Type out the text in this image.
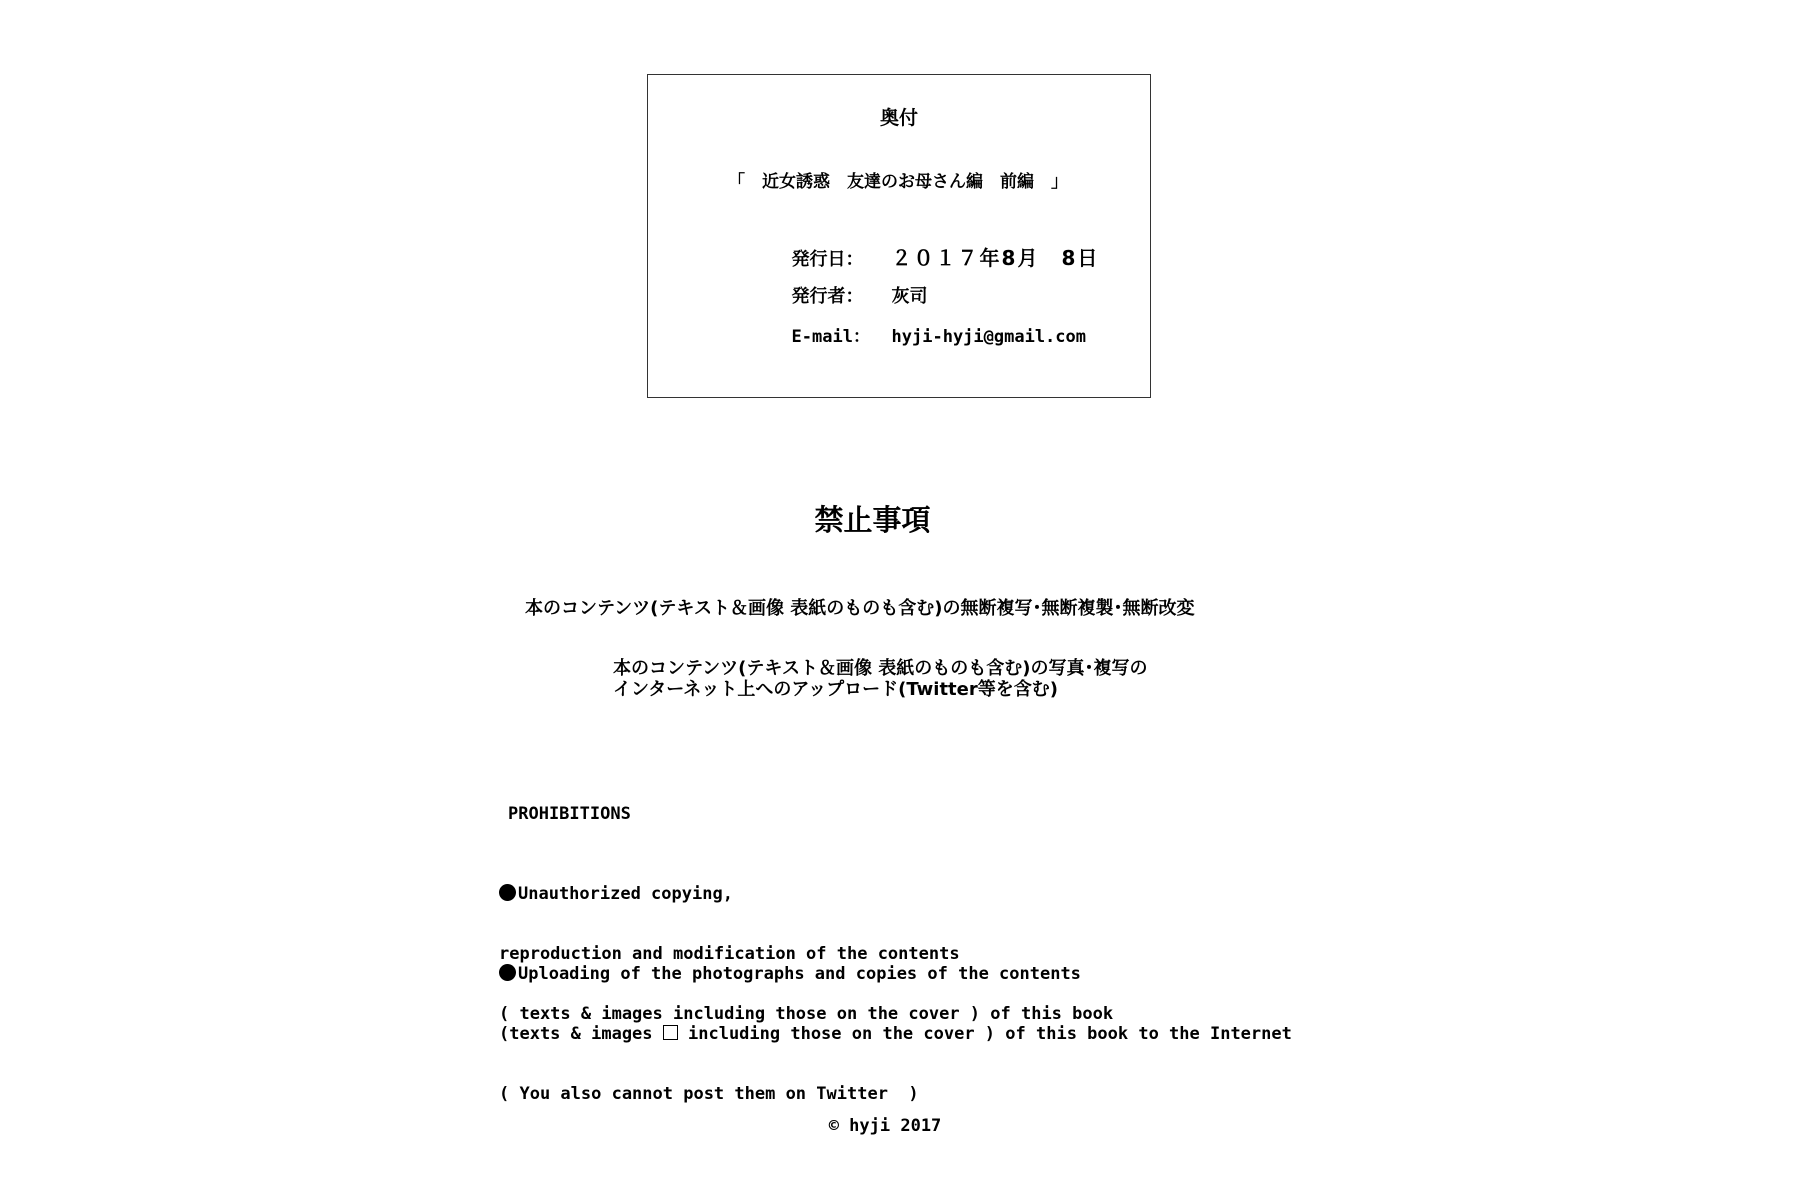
奥付
「　近女誘惑　友達のお母さん編　前編　」

発行日： ２０１７年8月　8日

発行者： 灰司

E-mail： hyji-hyji@gmail.com

禁止事項
本のコンテンツ(テキスト＆画像 表紙のものも含む)の無断複写･無断複製･無断改変
本のコンテンツ(テキスト＆画像 表紙のものも含む)の写真･複写の
インターネット上へのアップロード(Twitter等を含む)
PROHIBITIONS

Unauthorized copying,

reproduction and modification of the contents

( texts & images including those on the cover ) of this book

Uploading of the photographs and copies of the contents

(texts & images  including those on the cover ) of this book to the Internet

( You also cannot post them on Twitter  )

© hyji 2017
